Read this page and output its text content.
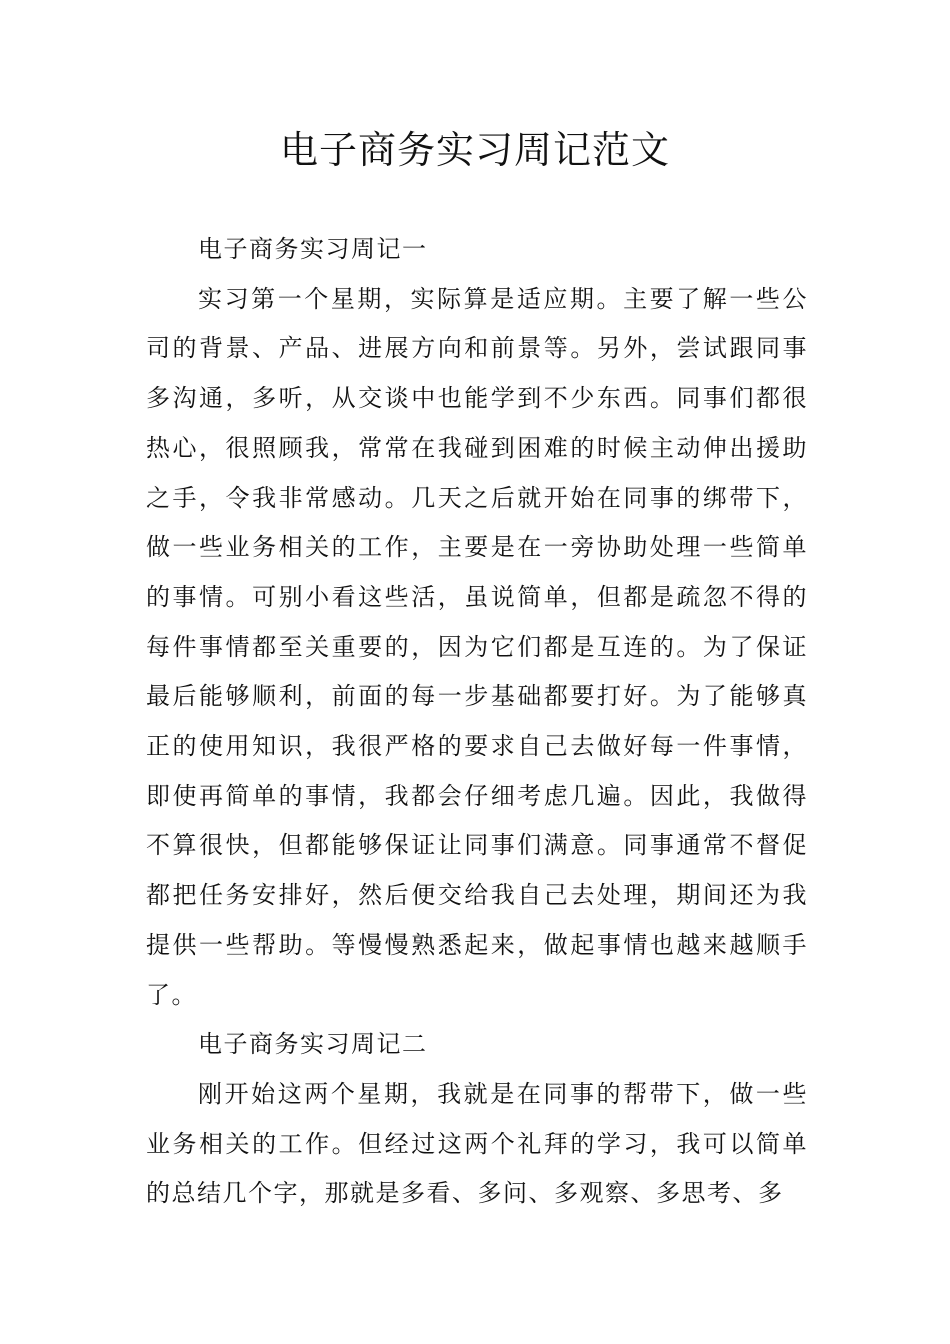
电子商务实习周记范文

电子商务实习周记一

实习第一个星期，实际算是适应期。主要了解一些公司的背景、产品、进展方向和前景等。另外，尝试跟同事多沟通，多听，从交谈中也能学到不少东西。同事们都很热心，很照顾我，常常在我碰到困难的时候主动伸出援助之手，令我非常感动。几天之后就开始在同事的绑带下，做一些业务相关的工作，主要是在一旁协助处理一些简单的事情。可别小看这些活，虽说简单，但都是疏忽不得的每件事情都至关重要的，因为它们都是互连的。为了保证最后能够顺利，前面的每一步基础都要打好。为了能够真正的使用知识，我很严格的要求自己去做好每一件事情，即使再简单的事情，我都会仔细考虑几遍。因此，我做得不算很快，但都能够保证让同事们满意。同事通常不督促都把任务安排好，然后便交给我自己去处理，期间还为我提供一些帮助。等慢慢熟悉起来，做起事情也越来越顺手了。

电子商务实习周记二

刚开始这两个星期，我就是在同事的帮带下，做一些业务相关的工作。但经过这两个礼拜的学习，我可以简单的总结几个字，那就是多看、多问、多观察、多思考、多
